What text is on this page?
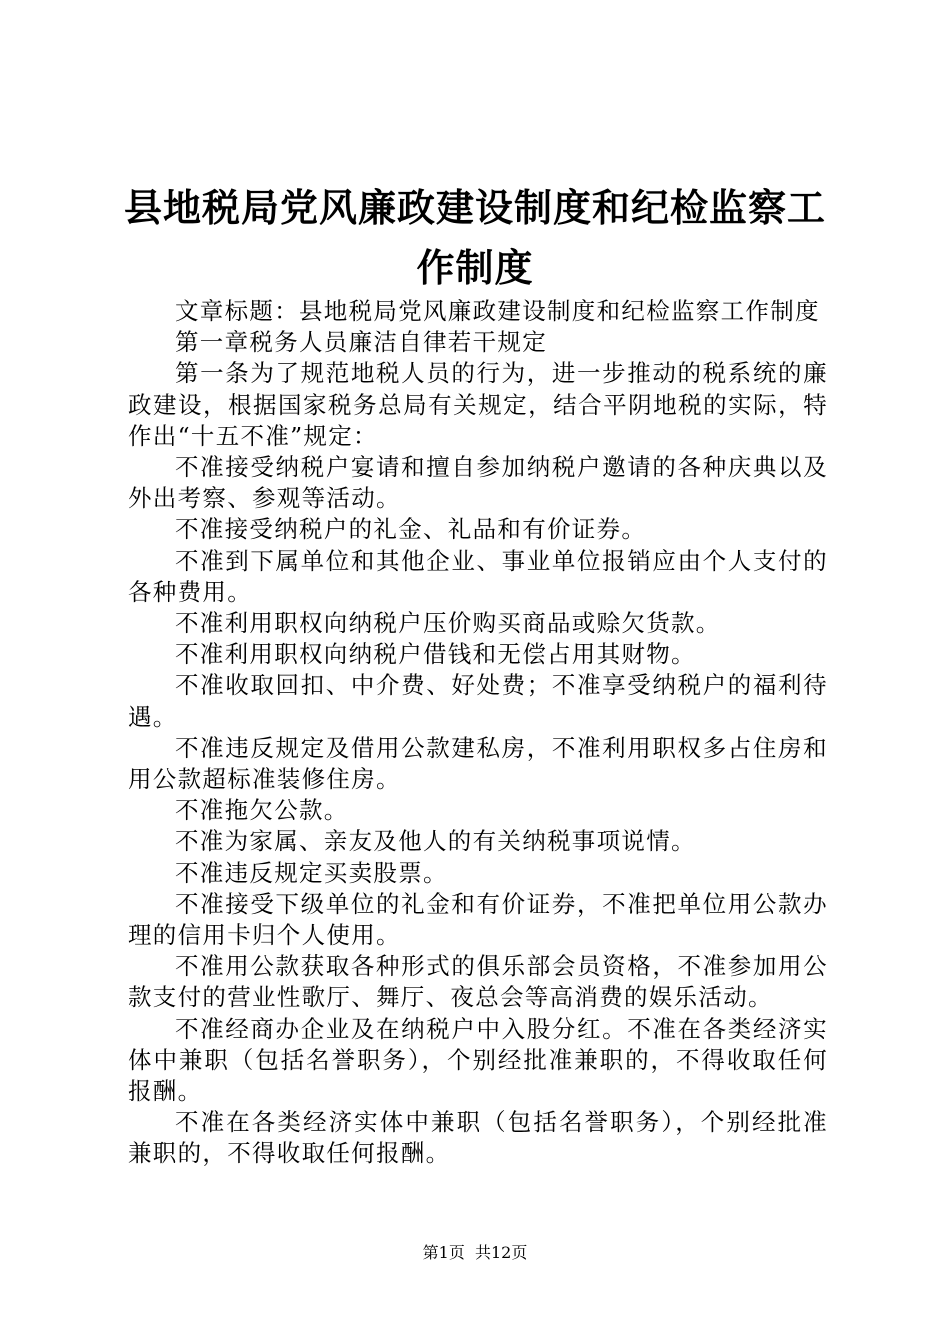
县地税局党风廉政建设制度和纪检监察工作制度

文章标题：县地税局党风廉政建设制度和纪检监察工作制度

第一章税务人员廉洁自律若干规定

第一条为了规范地税人员的行为，进一步推动的税系统的廉政建设，根据国家税务总局有关规定，结合平阴地税的实际，特作出“十五不准”规定：

不准接受纳税户宴请和擅自参加纳税户邀请的各种庆典以及外出考察、参观等活动。

不准接受纳税户的礼金、礼品和有价证券。

不准到下属单位和其他企业、事业单位报销应由个人支付的各种费用。

不准利用职权向纳税户压价购买商品或赊欠货款。

不准利用职权向纳税户借钱和无偿占用其财物。

不准收取回扣、中介费、好处费；不准享受纳税户的福利待遇。

不准违反规定及借用公款建私房，不准利用职权多占住房和用公款超标准装修住房。

不准拖欠公款。

不准为家属、亲友及他人的有关纳税事项说情。

不准违反规定买卖股票。

不准接受下级单位的礼金和有价证券，不准把单位用公款办理的信用卡归个人使用。

不准用公款获取各种形式的俱乐部会员资格，不准参加用公款支付的营业性歌厅、舞厅、夜总会等高消费的娱乐活动。

不准经商办企业及在纳税户中入股分红。不准在各类经济实体中兼职（包括名誉职务），个别经批准兼职的，不得收取任何报酬。

不准在各类经济实体中兼职（包括名誉职务），个别经批准兼职的，不得收取任何报酬。

第1页  共12页
